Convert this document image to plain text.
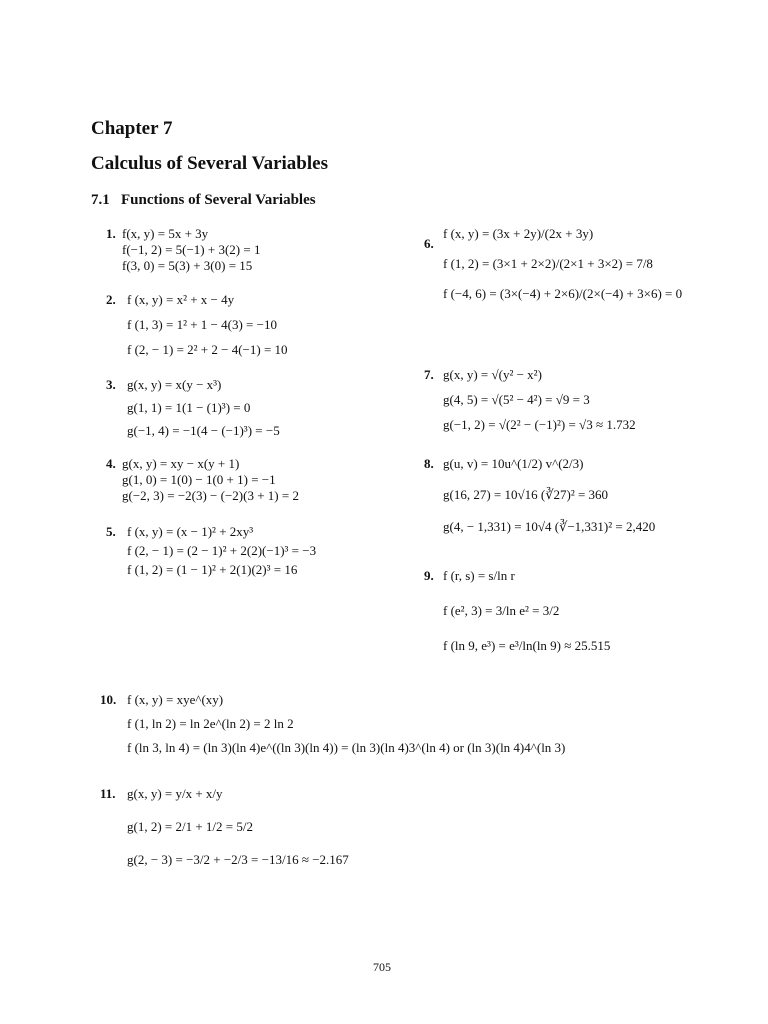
Chapter 7
Calculus of Several Variables
7.1   Functions of Several Variables
1. f(x, y) = 5x + 3y
f(−1, 2) = 5(−1) + 3(2) = 1
f(3, 0) = 5(3) + 3(0) = 15
2. f (x, y) = x² + x − 4y
f (1, 3) = 1² + 1 − 4(3) = −10
f (2, − 1) = 2² + 2 − 4(−1) = 10
3. g(x, y) = x(y − x³)
g(1, 1) = 1(1 − (1)³) = 0
g(−1, 4) = −1(4 − (−1)³) = −5
4. g(x, y) = xy − x(y + 1)
g(1, 0) = 1(0) − 1(0 + 1) = −1
g(−2, 3) = −2(3) − (−2)(3 + 1) = 2
5. f (x, y) = (x − 1)² + 2xy³
f (2, − 1) = (2 − 1)² + 2(2)(−1)³ = −3
f (1, 2) = (1 − 1)² + 2(1)(2)³ = 16
6.
f (x, y) = (3x + 2y)/(2x + 3y)
f (1, 2) = (3×1 + 2×2)/(2×1 + 3×2) = 7/8
f (−4, 6) = (3×(−4) + 2×6)/(2×(−4) + 3×6) = 0
7. g(x, y) = √(y² − x²)
g(4, 5) = √(5² − 4²) = √9 = 3
g(−1, 2) = √(2² − (−1)²) = √3 ≈ 1.732
8. g(u, v) = 10u^(1/2) v^(2/3)
g(16, 27) = 10√16 (∛27)² = 360
g(4, − 1,331) = 10√4 (∛−1,331)² = 2,420
9. f (r, s) = s/ln r
f (e², 3) = 3/ln e² = 3/2
f (ln 9, e³) = e³/ln(ln 9) ≈ 25.515
10. f (x, y) = xye^(xy)
f (1, ln 2) = ln 2e^(ln 2) = 2 ln 2
f (ln 3, ln 4) = (ln 3)(ln 4)e^((ln 3)(ln 4)) = (ln 3)(ln 4)3^(ln 4) or (ln 3)(ln 4)4^(ln 3)
11. g(x, y) = y/x + x/y
g(1, 2) = 2/1 + 1/2 = 5/2
g(2, − 3) = −3/2 + −2/3 = −13/16 ≈ −2.167
705
